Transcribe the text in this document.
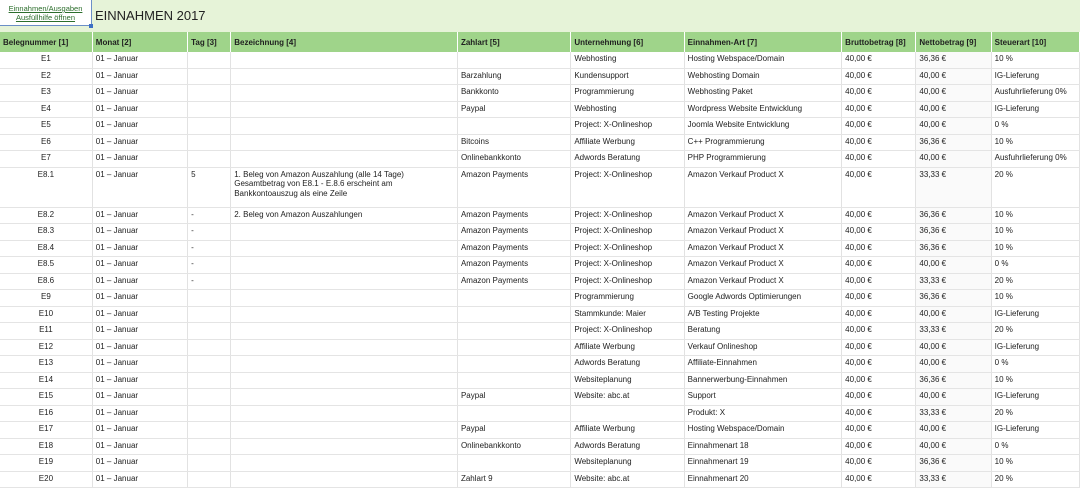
Einnahmen/Ausgaben
Ausfüllhilfe öffnen	EINNAHMEN 2017
Belegnummer [1]	Monat [2]	Tag [3]	Bezeichnung [4]	Zahlart [5]	Unternehmung [6]	Einnahmen-Art [7]	Bruttobetrag [8]	Nettobetrag [9]	Steuerart [10]
E1	▾ 01 – Januar	▾			▾ Webhosting	▾ Hosting Webspace/Domain	▾ 40,00 €	36,36 €	10 %
E2	▾ 01 – Januar	▾		Barzahlung	▾ Kundensupport	▾ Webhosting Domain	▾ 40,00 €	40,00 €	IG-Lieferung
E3	▾ 01 – Januar	▾		Bankkonto	▾ Programmierung	▾ Webhosting Paket	▾ 40,00 €	40,00 €	Ausfuhrlieferung 0%
E4	▾ 01 – Januar	▾		Paypal	▾ Webhosting	▾ Wordpress Website Entwicklung	▾ 40,00 €	40,00 €	IG-Lieferung
E5	▾ 01 – Januar	▾			▾ Project: X-Onlineshop	▾ Joomla Website Entwicklung	▾ 40,00 €	40,00 €	0 %
E6	▾ 01 – Januar	▾		Bitcoins	▾ Affiliate Werbung	▾ C++ Programmierung	▾ 40,00 €	36,36 €	10 %
E7	▾ 01 – Januar	▾		Onlinebankkonto	▾ Adwords Beratung	▾ PHP Programmierung	▾ 40,00 €	40,00 €	Ausfuhrlieferung 0%
E8.1	▾ 01 – Januar	▾ 5	1. Beleg von Amazon Auszahlung (alle 14 Tage) Gesamtbetrag von E8.1 - E.8.6 erscheint am Bankkontoauszug als eine Zeile	Amazon Payments	▾ Project: X-Onlineshop	▾ Amazon Verkauf Product X	▾ 40,00 €	33,33 €	20 %
E8.2	▾ 01 – Januar	▾ -	2. Beleg von Amazon Auszahlungen	Amazon Payments	▾ Project: X-Onlineshop	▾ Amazon Verkauf Product X	▾ 40,00 €	36,36 €	10 %
E8.3	▾ 01 – Januar	▾ -		Amazon Payments	▾ Project: X-Onlineshop	▾ Amazon Verkauf Product X	▾ 40,00 €	36,36 €	10 %
E8.4	▾ 01 – Januar	▾ -		Amazon Payments	▾ Project: X-Onlineshop	▾ Amazon Verkauf Product X	▾ 40,00 €	36,36 €	10 %
E8.5	▾ 01 – Januar	▾ -		Amazon Payments	▾ Project: X-Onlineshop	▾ Amazon Verkauf Product X	▾ 40,00 €	40,00 €	0 %
E8.6	▾ 01 – Januar	▾ -		Amazon Payments	▾ Project: X-Onlineshop	▾ Amazon Verkauf Product X	▾ 40,00 €	33,33 €	20 %
E9	▾ 01 – Januar	▾			▾ Programmierung	▾ Google Adwords Optimierungen	▾ 40,00 €	36,36 €	10 %
E10	▾ 01 – Januar	▾			▾ Stammkunde: Maier	▾ A/B Testing Projekte	▾ 40,00 €	40,00 €	IG-Lieferung
E11	▾ 01 – Januar	▾			▾ Project: X-Onlineshop	▾ Beratung	▾ 40,00 €	33,33 €	20 %
E12	▾ 01 – Januar	▾			▾ Affiliate Werbung	▾ Verkauf Onlineshop	▾ 40,00 €	40,00 €	IG-Lieferung
E13	▾ 01 – Januar	▾			▾ Adwords Beratung	▾ Affiliate-Einnahmen	▾ 40,00 €	40,00 €	0 %
E14	▾ 01 – Januar	▾			▾ Websiteplanung	▾ Bannerwerbung-Einnahmen	▾ 40,00 €	36,36 €	10 %
E15	▾ 01 – Januar	▾		Paypal	▾ Website: abc.at	▾ Support	▾ 40,00 €	40,00 €	IG-Lieferung
E16	▾ 01 – Januar	▾			▾	▾ Produkt: X	▾ 40,00 €	33,33 €	20 %
E17	▾ 01 – Januar	▾		Paypal	▾ Affiliate Werbung	▾ Hosting Webspace/Domain	▾ 40,00 €	40,00 €	IG-Lieferung
E18	▾ 01 – Januar	▾		Onlinebankkonto	▾ Adwords Beratung	▾ Einnahmenart 18	▾ 40,00 €	40,00 €	0 %
E19	▾ 01 – Januar	▾			▾ Websiteplanung	▾ Einnahmenart 19	▾ 40,00 €	36,36 €	10 %
E20	▾ 01 – Januar	▾		Zahlart 9	▾ Website: abc.at	▾ Einnahmenart 20	▾ 40,00 €	33,33 €	20 %
